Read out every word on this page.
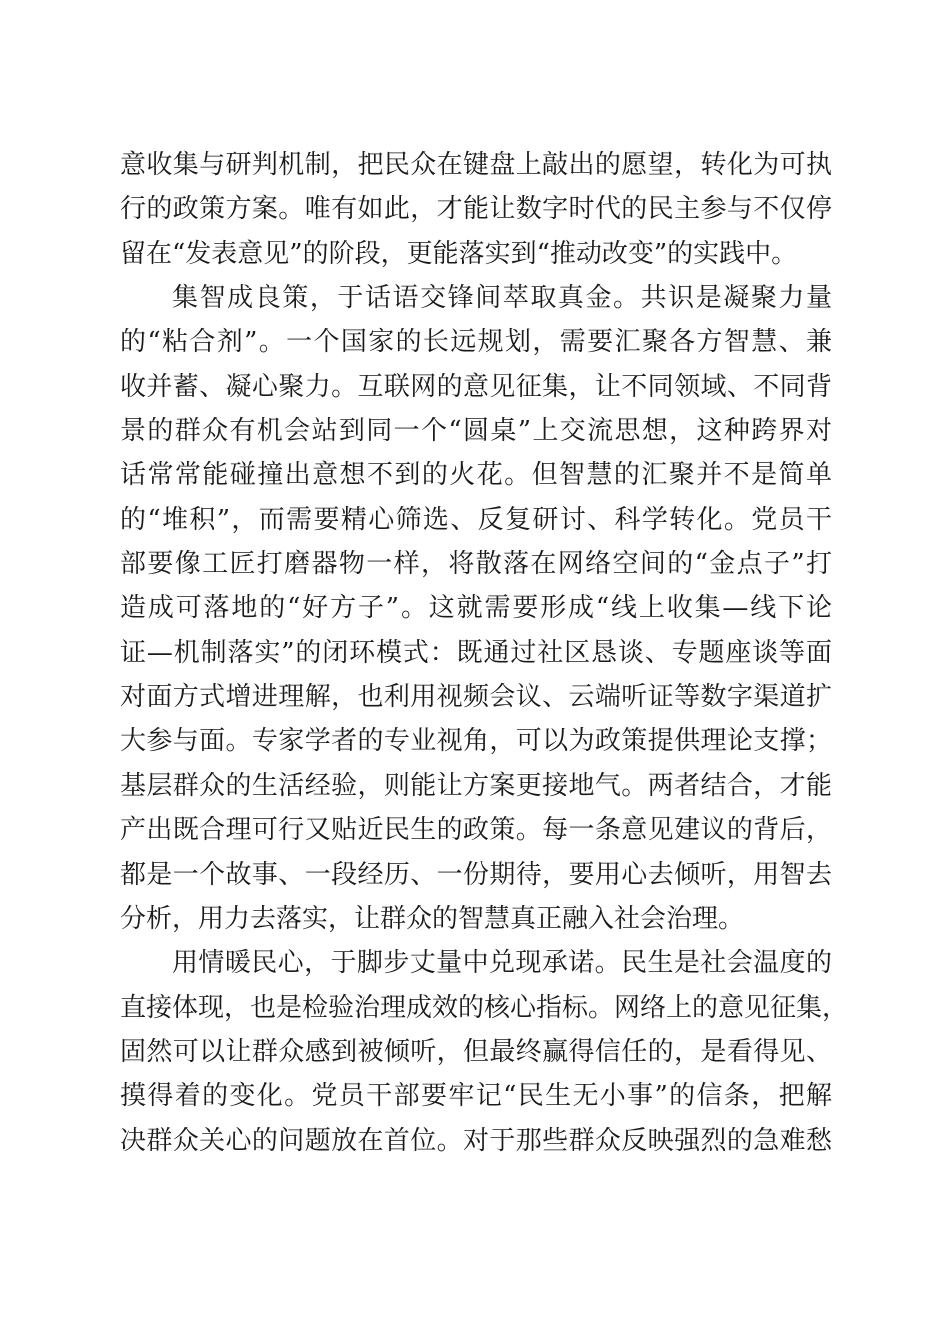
意收集与研判机制，把民众在键盘上敲出的愿望，转化为可执
行的政策方案。唯有如此，才能让数字时代的民主参与不仅停
留在“发表意见”的阶段，更能落实到“推动改变”的实践中。
集智成良策，于话语交锋间萃取真金。共识是凝聚力量
的“粘合剂”。一个国家的长远规划，需要汇聚各方智慧、兼
收并蓄、凝心聚力。互联网的意见征集，让不同领域、不同背
景的群众有机会站到同一个“圆桌”上交流思想，这种跨界对
话常常能碰撞出意想不到的火花。但智慧的汇聚并不是简单
的“堆积”，而需要精心筛选、反复研讨、科学转化。党员干
部要像工匠打磨器物一样，将散落在网络空间的“金点子”打
造成可落地的“好方子”。这就需要形成“线上收集—线下论
证—机制落实”的闭环模式：既通过社区恳谈、专题座谈等面
对面方式增进理解，也利用视频会议、云端听证等数字渠道扩
大参与面。专家学者的专业视角，可以为政策提供理论支撑；
基层群众的生活经验，则能让方案更接地气。两者结合，才能
产出既合理可行又贴近民生的政策。每一条意见建议的背后，
都是一个故事、一段经历、一份期待，要用心去倾听，用智去
分析，用力去落实，让群众的智慧真正融入社会治理。
用情暖民心，于脚步丈量中兑现承诺。民生是社会温度的
直接体现，也是检验治理成效的核心指标。网络上的意见征集，
固然可以让群众感到被倾听，但最终赢得信任的，是看得见、
摸得着的变化。党员干部要牢记“民生无小事”的信条，把解
决群众关心的问题放在首位。对于那些群众反映强烈的急难愁
